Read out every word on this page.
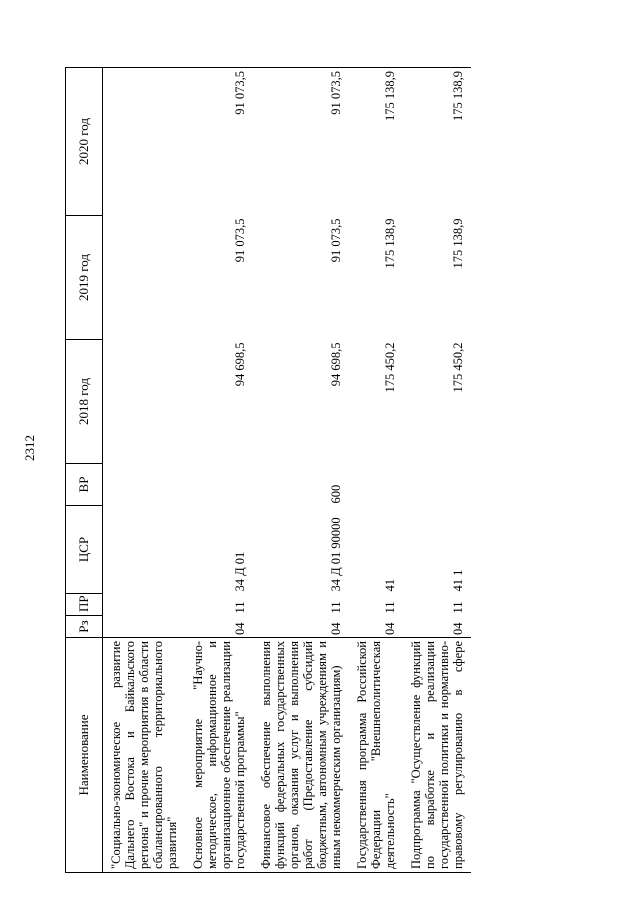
2312
Наименование	Рз	ПР	ЦСР	ВР	2018 год	2019 год	2020 год
"Социально-экономическое развитие Дальнего Востока и Байкальского региона" и прочие мероприятия в области сбалансированного территориального развития"							
Основное мероприятие "Научно-методическое, информационное и организационное обеспечение реализации государственной программы"	04	11	34 Д 01		94 698,5	91 073,5	91 073,5
Финансовое обеспечение выполнения функций федеральных государственных органов, оказания услуг и выполнения работ (Предоставление субсидий бюджетным, автономным учреждениям и иным некоммерческим организациям)	04	11	34 Д 01 90000	600	94 698,5	91 073,5	91 073,5
Государственная программа Российской Федерации "Внешнеполитическая деятельность"	04	11	41		175 450,2	175 138,9	175 138,9
Подпрограмма "Осуществление функций по выработке и реализации государственной политики и нормативно-правовому регулированию в сфере	04	11	41 1		175 450,2	175 138,9	175 138,9
